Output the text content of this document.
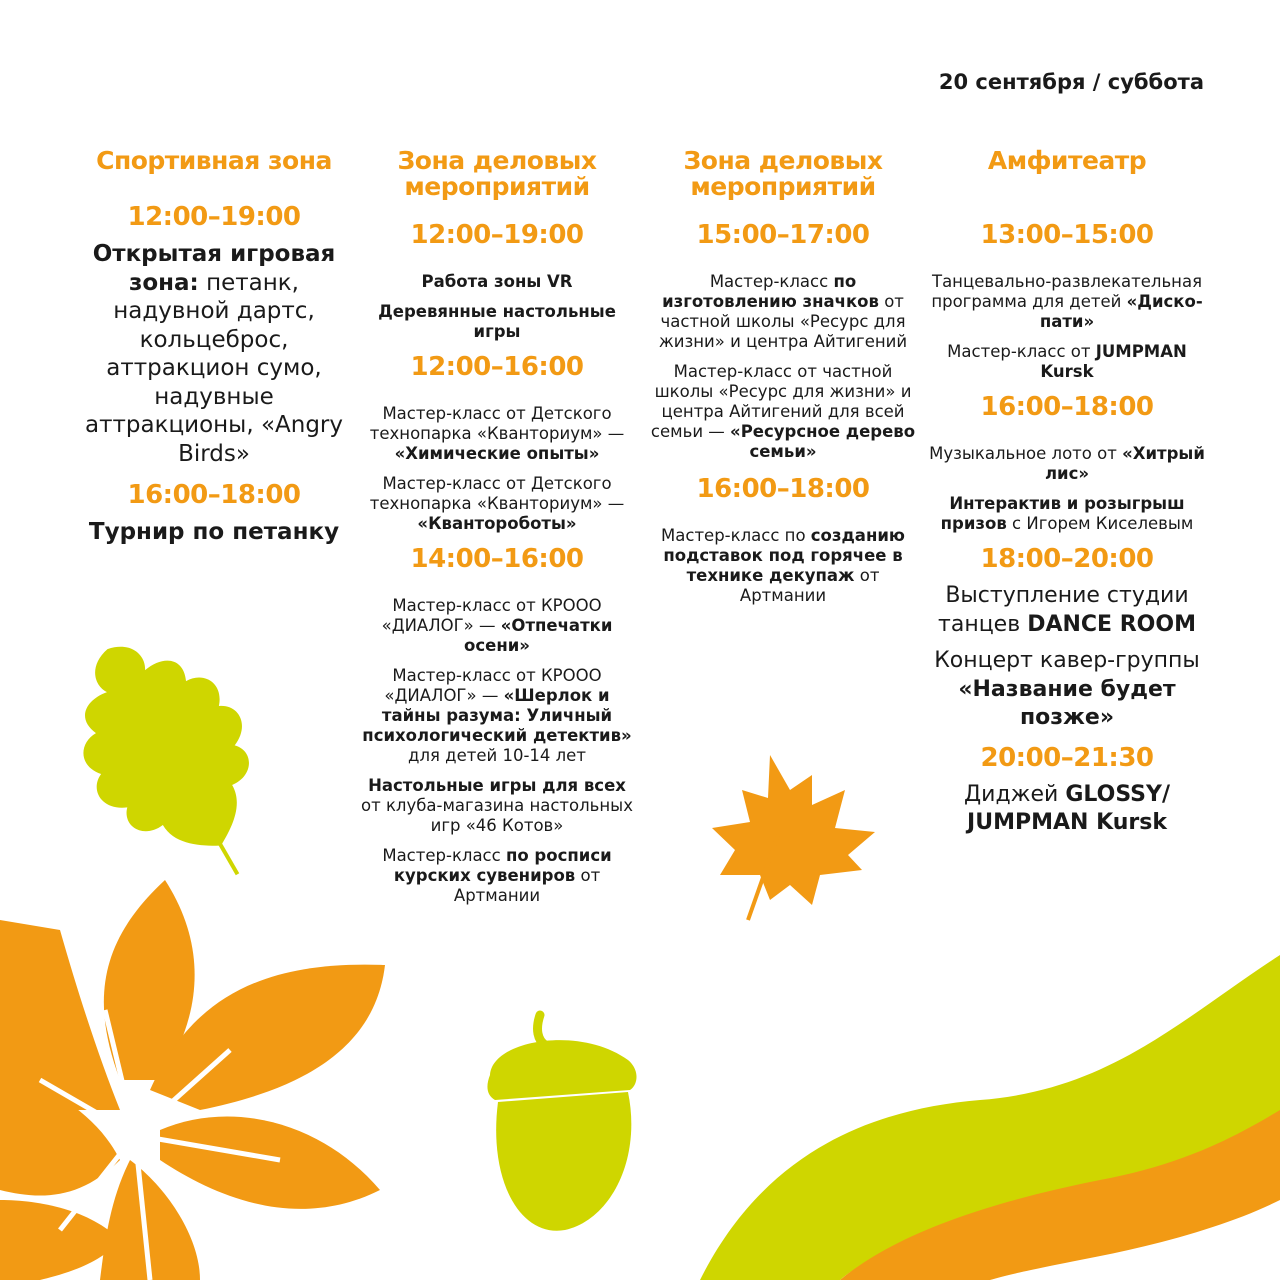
20 сентября / суббота
Спортивная зона
12:00–19:00
Открытая игровая зона: петанк, надувной дартс, кольцеброс, аттракцион сумо, надувные аттракционы, «Angry Birds»
16:00–18:00
Турнир по петанку
Зона деловых мероприятий
12:00–19:00
Работа зоны VR
Деревянные настольные игры
12:00–16:00
Мастер-класс от Детского технопарка «Кванториум» — «Химические опыты»
Мастер-класс от Детского технопарка «Кванториум» — «Кванторoботы»
14:00–16:00
Мастер-класс от КРООО «ДИАЛОГ» — «Отпечатки осени»
Мастер-класс от КРООО «ДИАЛОГ» — «Шерлок и тайны разума: Уличный психологический детектив» для детей 10-14 лет
Настольные игры для всех от клуба-магазина настольных игр «46 Котов»
Мастер-класс по росписи курских сувениров от Артмании
Зона деловых мероприятий
15:00–17:00
Мастер-класс по изготовлению значков от частной школы «Ресурс для жизни» и центра Айтигений
Мастер-класс от частной школы «Ресурс для жизни» и центра Айтигений для всей семьи — «Ресурсное дерево семьи»
16:00–18:00
Мастер-класс по созданию подставок под горячее в технике декупаж от Артмании
Амфитеатр
13:00–15:00
Танцевально-развлекательная программа для детей «Диско-пати»
Мастер-класс от JUMPMAN Kursk
16:00–18:00
Музыкальное лото от «Хитрый лис»
Интерактив и розыгрыш призов с Игорем Киселевым
18:00–20:00
Выступление студии танцев DANCE ROOM
Концерт кавер-группы «Название будет позже»
20:00–21:30
Диджей GLOSSY/ JUMPMAN Kursk
